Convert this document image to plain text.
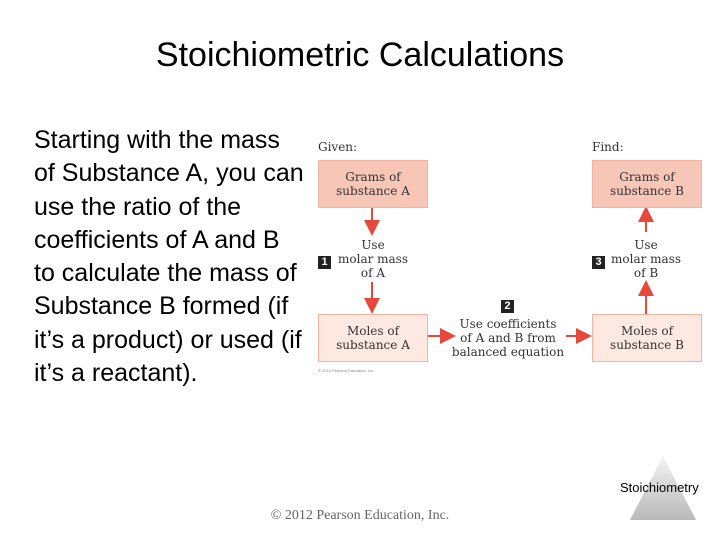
Stoichiometric Calculations
Starting with the mass of Substance A, you can use the ratio of the coefficients of A and B to calculate the mass of Substance B formed (if it’s a product) or used (if it’s a reactant).
Given:	Find:
Grams of
substance A
Grams of
substance B
1
Use
molar mass
of A
3
Use
molar mass
of B
Moles of
substance A
Moles of
substance B
2
Use coefficients
of A and B from
balanced equation
© 2012 Pearson Education, Inc.
Stoichiometry
© 2012 Pearson Education, Inc.
